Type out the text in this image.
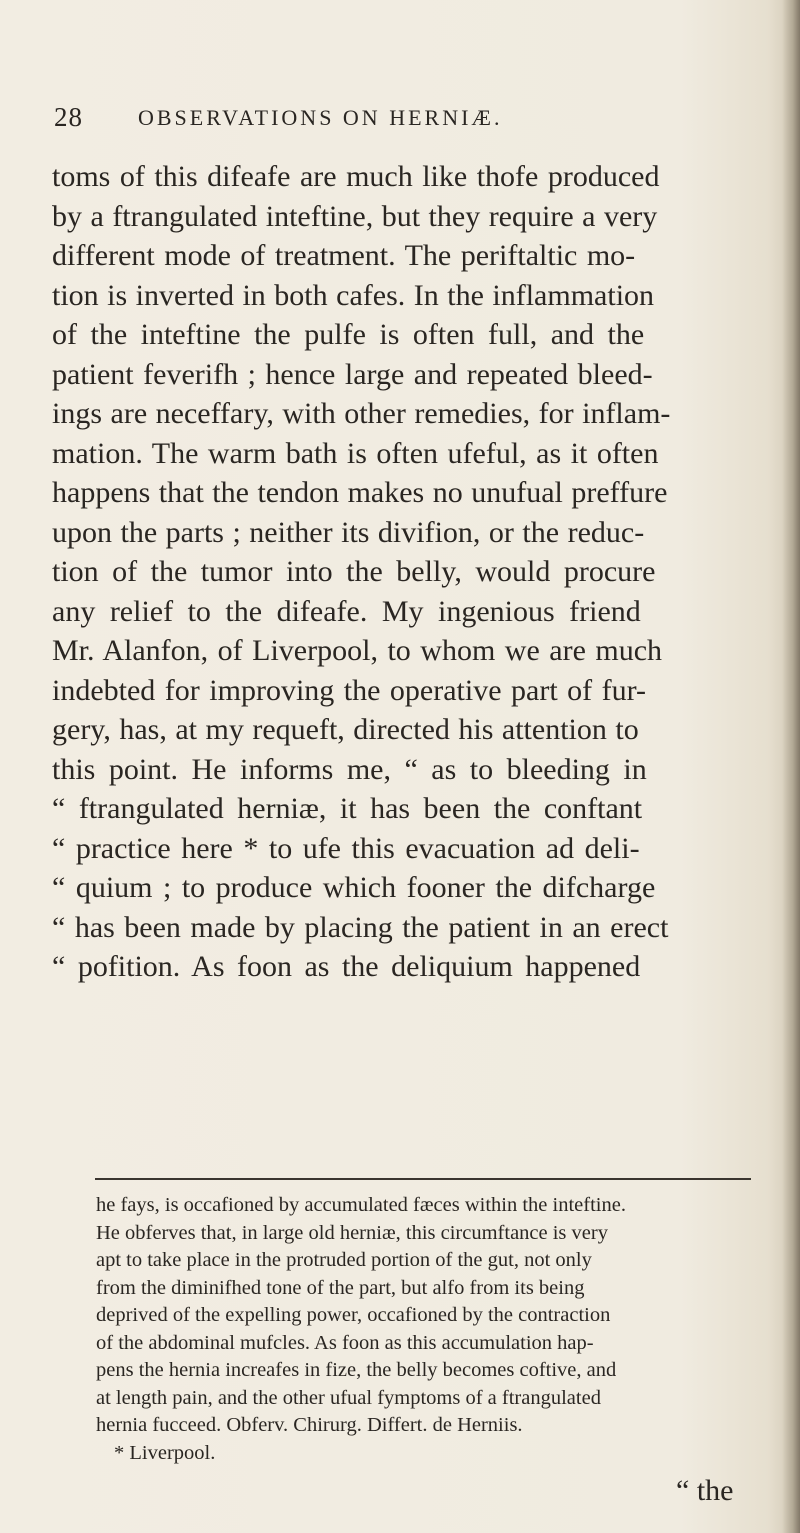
28	OBSERVATIONS ON HERNIÆ.
toms of this difeafe are much like thofe produced
by a ftrangulated inteftine, but they require a very
different mode of treatment. The periftaltic mo-
tion is inverted in both cafes. In the inflammation
of the inteftine the pulfe is often full, and the
patient feverifh ; hence large and repeated bleed-
ings are neceffary, with other remedies, for inflam-
mation. The warm bath is often ufeful, as it often
happens that the tendon makes no unufual preffure
upon the parts ; neither its divifion, or the reduc-
tion of the tumor into the belly, would procure
any relief to the difeafe. My ingenious friend
Mr. Alanfon, of Liverpool, to whom we are much
indebted for improving the operative part of fur-
gery, has, at my requeft, directed his attention to
this point. He informs me, “ as to bleeding in
“ ftrangulated herniæ, it has been the conftant
“ practice here * to ufe this evacuation ad deli-
“ quium ; to produce which fooner the difcharge
“ has been made by placing the patient in an erect
“ pofition. As foon as the deliquium happened
he fays, is occafioned by accumulated fæces within the inteftine.
He obferves that, in large old herniæ, this circumftance is very
apt to take place in the protruded portion of the gut, not only
from the diminifhed tone of the part, but alfo from its being
deprived of the expelling power, occafioned by the contraction
of the abdominal mufcles. As foon as this accumulation hap-
pens the hernia increafes in fize, the belly becomes coftive, and
at length pain, and the other ufual fymptoms of a ftrangulated
hernia fucceed. Obferv. Chirurg. Differt. de Herniis.
* Liverpool.
“ the
